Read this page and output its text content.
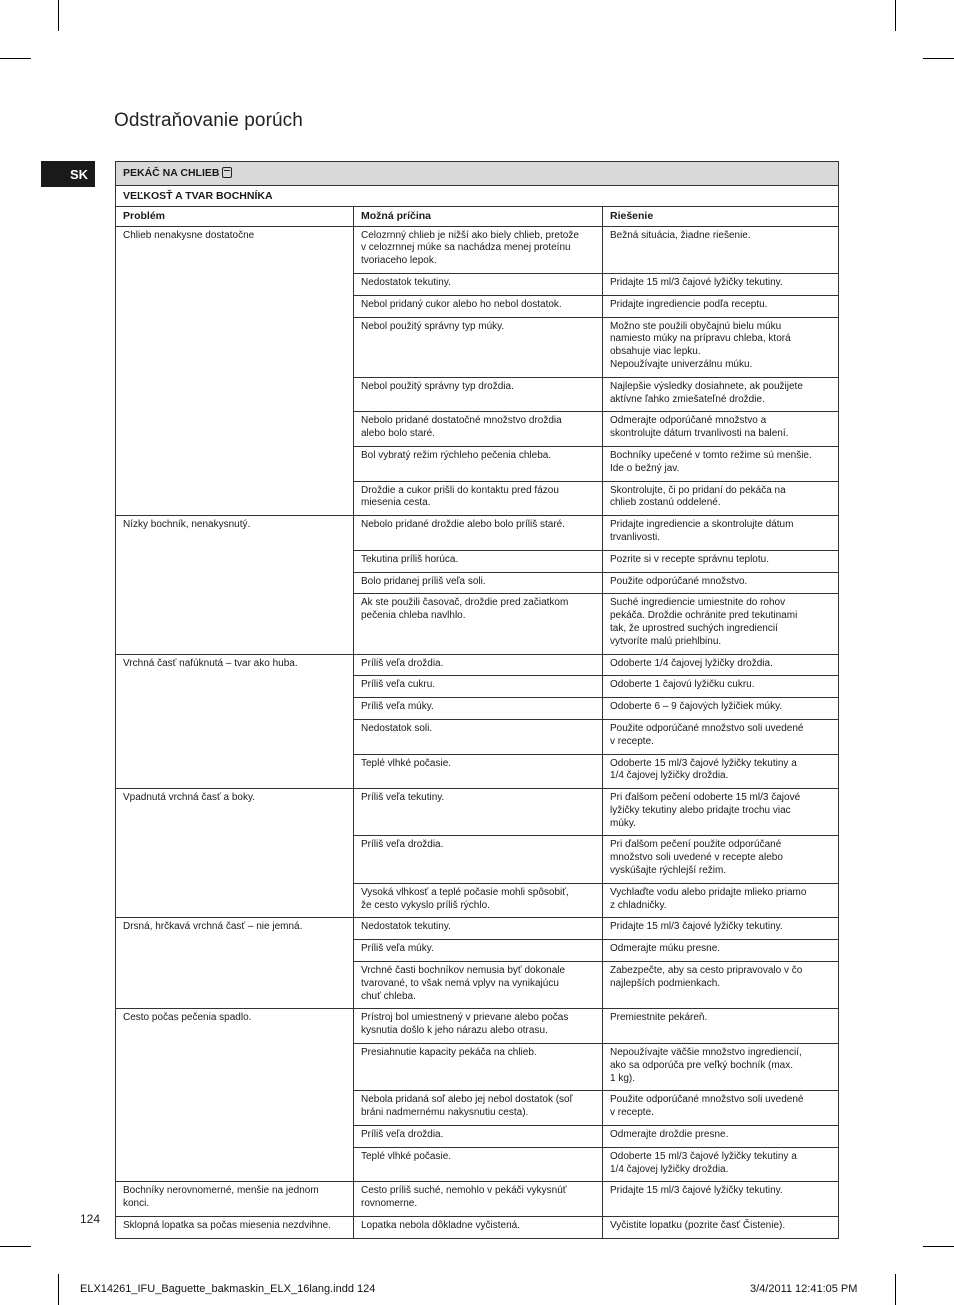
Odstraňovanie porúch
SK	PEKÁČ NA CHLIEB		
VEĽKOSŤ A TVAR BOCHNÍKA		
Problém	Možná príčina	Riešenie
Chlieb nenakysne dostatočne	Celozrnný chlieb je nižší ako biely chlieb, pretože
v celozrnnej múke sa nachádza menej proteínu
tvoriaceho lepok.	Bežná situácia, žiadne riešenie.
	Nedostatok tekutiny.	Pridajte 15 ml/3 čajové lyžičky tekutiny.
	Nebol pridaný cukor alebo ho nebol dostatok.	Pridajte ingrediencie podľa receptu.
	Nebol použitý správny typ múky.	Možno ste použili obyčajnú bielu múku
namiesto múky na prípravu chleba, ktorá
obsahuje viac lepku.
Nepoužívajte univerzálnu múku.
	Nebol použitý správny typ droždia.	Najlepšie výsledky dosiahnete, ak použijete
aktívne ľahko zmiešateľné droždie.
	Nebolo pridané dostatočné množstvo droždia
alebo bolo staré.	Odmerajte odporúčané množstvo a
skontrolujte dátum trvanlivosti na balení.
	Bol vybratý režim rýchleho pečenia chleba.	Bochníky upečené v tomto režime sú menšie.
Ide o bežný jav.
	Droždie a cukor prišli do kontaktu pred fázou
miesenia cesta.	Skontrolujte, či po pridaní do pekáča na
chlieb zostanú oddelené.
Nízky bochník, nenakysnutý.	Nebolo pridané droždie alebo bolo príliš staré.	Pridajte ingrediencie a skontrolujte dátum
trvanlivosti.
	Tekutina príliš horúca.	Pozrite si v recepte správnu teplotu.
	Bolo pridanej príliš veľa soli.	Použite odporúčané množstvo.
	Ak ste použili časovač, droždie pred začiatkom
pečenia chleba navlhlo.	Suché ingrediencie umiestnite do rohov
pekáča. Droždie ochránite pred tekutinami
tak, že uprostred suchých ingrediencií
vytvoríte malú priehlbinu.
Vrchná časť nafúknutá – tvar ako huba.	Príliš veľa droždia.	Odoberte 1/4 čajovej lyžičky droždia.
	Príliš veľa cukru.	Odoberte 1 čajovú lyžičku cukru.
	Príliš veľa múky.	Odoberte 6 – 9 čajových lyžičiek múky.
	Nedostatok soli.	Použite odporúčané množstvo soli uvedené
v recepte.
	Teplé vlhké počasie.	Odoberte 15 ml/3 čajové lyžičky tekutiny a
1/4 čajovej lyžičky droždia.
Vpadnutá vrchná časť a boky.	Príliš veľa tekutiny.	Pri ďalšom pečení odoberte 15 ml/3 čajové
lyžičky tekutiny alebo pridajte trochu viac
múky.
	Príliš veľa droždia.	Pri ďalšom pečení použite odporúčané
množstvo soli uvedené v recepte alebo
vyskúšajte rýchlejší režim.
	Vysoká vlhkosť a teplé počasie mohli spôsobiť,
že cesto vykyslo príliš rýchlo.	Vychlaďte vodu alebo pridajte mlieko priamo
z chladničky.
Drsná, hrčkavá vrchná časť – nie jemná.	Nedostatok tekutiny.	Pridajte 15 ml/3 čajové lyžičky tekutiny.
	Príliš veľa múky.	Odmerajte múku presne.
	Vrchné časti bochníkov nemusia byť dokonale
tvarované, to však nemá vplyv na vynikajúcu
chuť chleba.	Zabezpečte, aby sa cesto pripravovalo v čo
najlepších podmienkach.
Cesto počas pečenia spadlo.	Prístroj bol umiestnený v prievane alebo počas
kysnutia došlo k jeho nárazu alebo otrasu.	Premiestnite pekáreň.
	Presiahnutie kapacity pekáča na chlieb.	Nepoužívajte väčšie množstvo ingrediencií,
ako sa odporúča pre veľký bochník (max.
1 kg).
	Nebola pridaná soľ alebo jej nebol dostatok (soľ
bráni nadmernému nakysnutiu cesta).	Použite odporúčané množstvo soli uvedené
v recepte.
	Príliš veľa droždia.	Odmerajte droždie presne.
	Teplé vlhké počasie.	Odoberte 15 ml/3 čajové lyžičky tekutiny a
1/4 čajovej lyžičky droždia.
Bochníky nerovnomerné, menšie na jednom
konci.	Cesto príliš suché, nemohlo v pekáči vykysnúť
rovnomerne.	Pridajte 15 ml/3 čajové lyžičky tekutiny.
Sklopná lopatka sa počas miesenia nezdvihne.	Lopatka nebola dôkladne vyčistená.	Vyčistite lopatku (pozrite časť Čistenie).
124
ELX14261_IFU_Baguette_bakmaskin_ELX_16lang.indd 124	3/4/2011 12:41:05 PM
